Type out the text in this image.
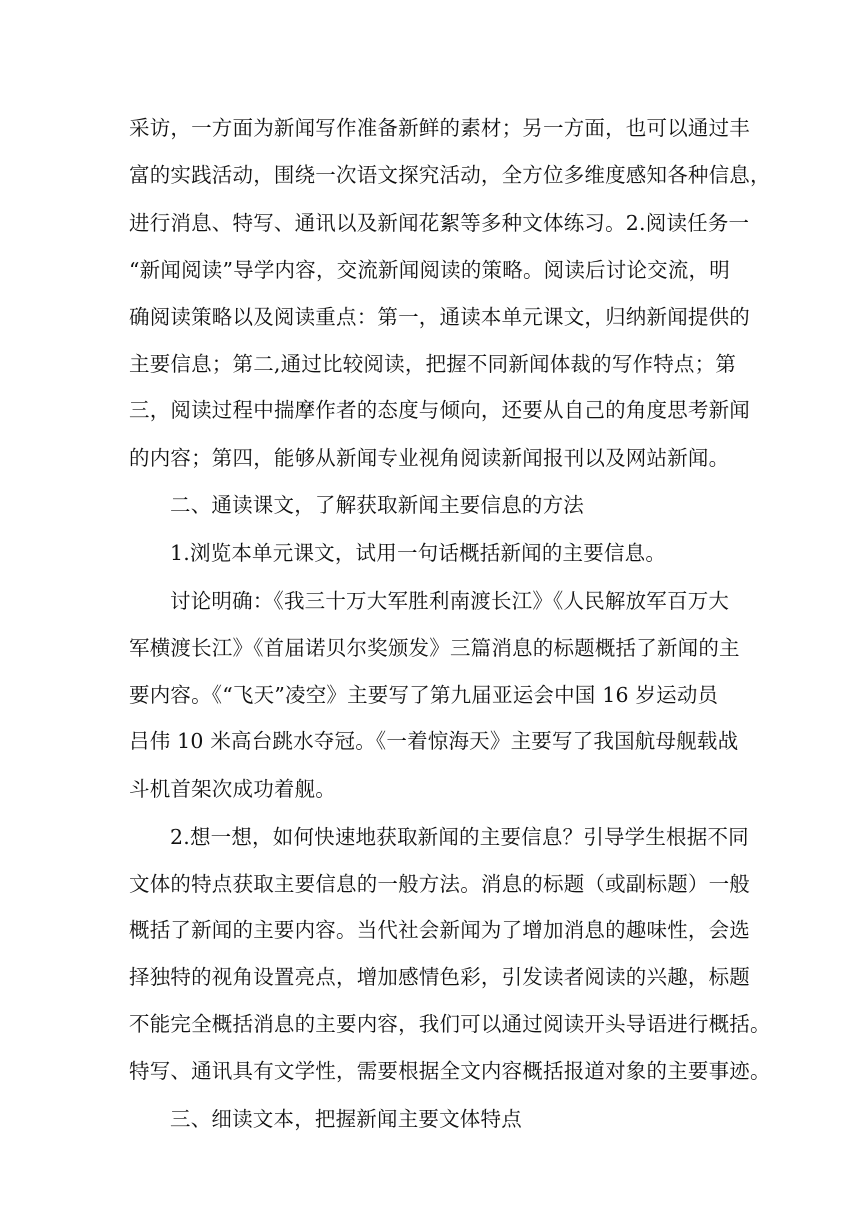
采访，一方面为新闻写作准备新鲜的素材；另一方面，也可以通过丰
富的实践活动，围绕一次语文探究活动，全方位多维度感知各种信息，
进行消息、特写、通讯以及新闻花絮等多种文体练习。2.阅读任务一
“新闻阅读”导学内容，交流新闻阅读的策略。阅读后讨论交流，明
确阅读策略以及阅读重点：第一，通读本单元课文，归纳新闻提供的
主要信息；第二,通过比较阅读，把握不同新闻体裁的写作特点；第
三，阅读过程中揣摩作者的态度与倾向，还要从自己的角度思考新闻
的内容；第四，能够从新闻专业视角阅读新闻报刊以及网站新闻。
二、通读课文，了解获取新闻主要信息的方法
1.浏览本单元课文，试用一句话概括新闻的主要信息。
讨论明确：《我三十万大军胜利南渡长江》《人民解放军百万大
军横渡长江》《首届诺贝尔奖颁发》三篇消息的标题概括了新闻的主
要内容。《“飞天”凌空》主要写了第九届亚运会中国 16 岁运动员
吕伟 10 米高台跳水夺冠。《一着惊海天》主要写了我国航母舰载战
斗机首架次成功着舰。
2.想一想，如何快速地获取新闻的主要信息？引导学生根据不同
文体的特点获取主要信息的一般方法。消息的标题（或副标题）一般
概括了新闻的主要内容。当代社会新闻为了增加消息的趣味性，会选
择独特的视角设置亮点，增加感情色彩，引发读者阅读的兴趣，标题
不能完全概括消息的主要内容，我们可以通过阅读开头导语进行概括。
特写、通讯具有文学性，需要根据全文内容概括报道对象的主要事迹。
三、细读文本，把握新闻主要文体特点
